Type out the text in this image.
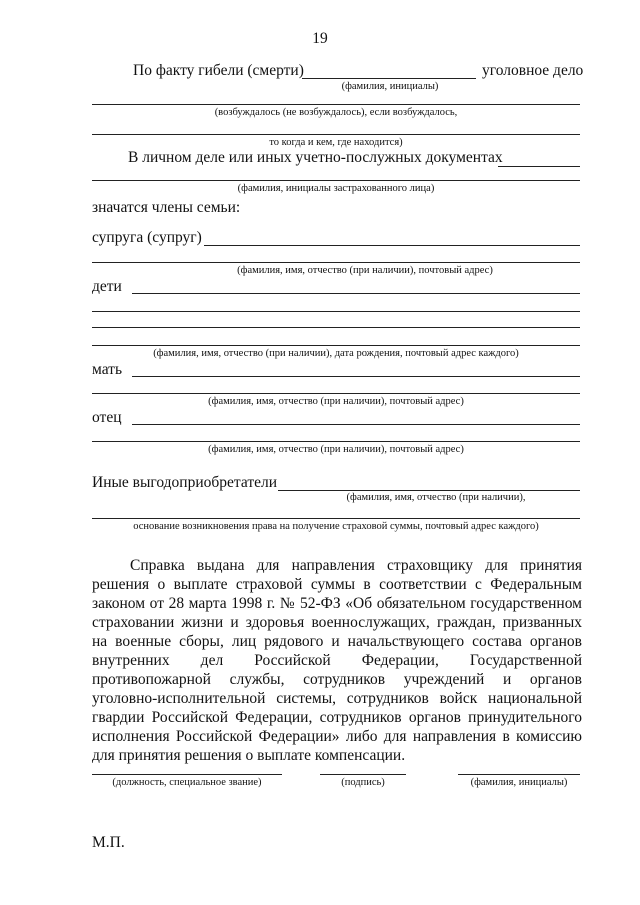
19
По факту гибели (смерти)	уголовное дело
(фамилия, инициалы)
(возбуждалось (не возбуждалось), если возбуждалось,
то когда и кем, где находится)
В личном деле или иных учетно-послужных документах
(фамилия, инициалы застрахованного лица)
значатся члены семьи:
супруга (супруг)
(фамилия, имя, отчество (при наличии), почтовый адрес)
дети
(фамилия, имя, отчество (при наличии), дата рождения, почтовый адрес каждого)
мать
(фамилия, имя, отчество (при наличии), почтовый адрес)
отец
(фамилия, имя, отчество (при наличии), почтовый адрес)
Иные выгодоприобретатели
(фамилия, имя, отчество (при наличии),
основание возникновения права на получение страховой суммы, почтовый адрес каждого)
Справка выдана для направления страховщику для принятия
решения о выплате страховой суммы в соответствии с Федеральным
законом от 28 марта 1998 г. № 52-ФЗ «Об обязательном государственном
страховании жизни и здоровья военнослужащих, граждан, призванных
на военные сборы, лиц рядового и начальствующего состава органов
внутренних дел Российской Федерации, Государственной
противопожарной службы, сотрудников учреждений и органов
уголовно-исполнительной системы, сотрудников войск национальной
гвардии Российской Федерации, сотрудников органов принудительного
исполнения Российской Федерации» либо для направления в комиссию
для принятия решения о выплате компенсации.
(должность, специальное звание)	(подпись)	(фамилия, инициалы)
М.П.
